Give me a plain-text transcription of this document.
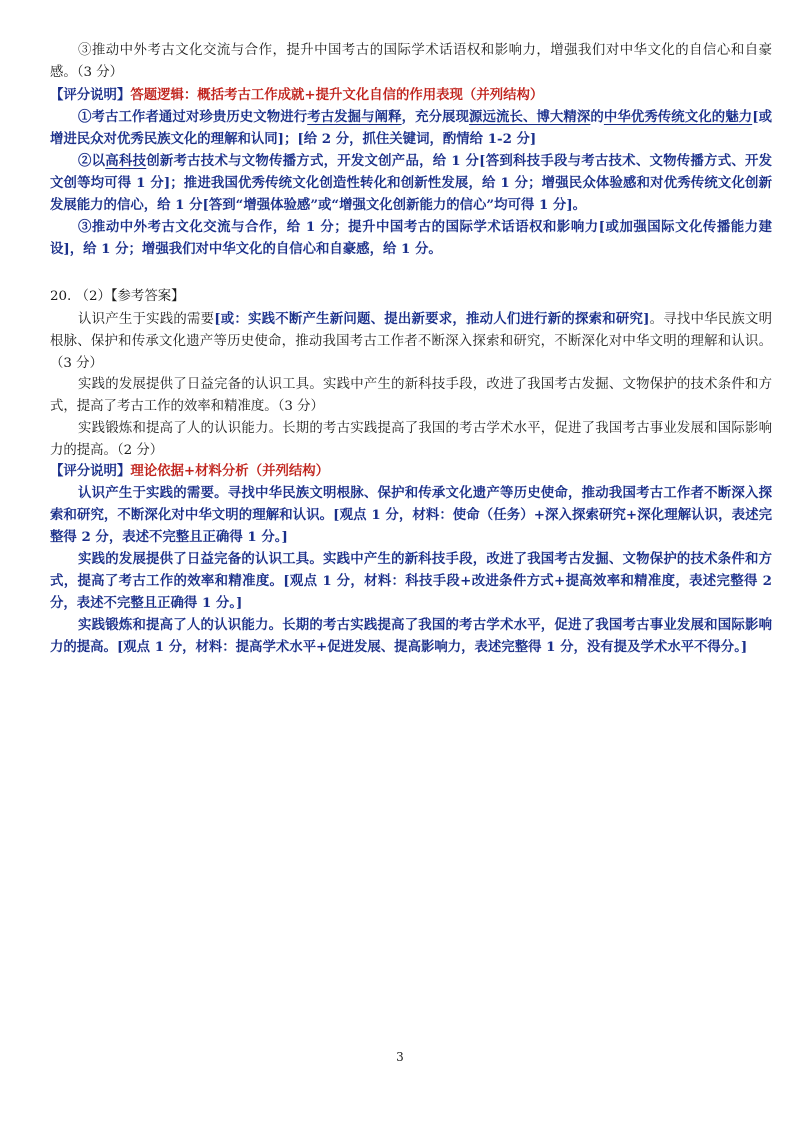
③推动中外考古文化交流与合作，提升中国考古的国际学术话语权和影响力，增强我们对中华文化的自信心和自豪感。（3 分）
【评分说明】答题逻辑：概括考古工作成就+提升文化自信的作用表现（并列结构）
①考古工作者通过对珍贵历史文物进行考古发掘与阐释，充分展现源远流长、博大精深的中华优秀传统文化的魅力[或增进民众对优秀民族文化的理解和认同]；[给 2 分，抓住关键词，酌情给 1-2 分]
②以高科技创新考古技术与文物传播方式，开发文创产品，给 1 分[答到科技手段与考古技术、文物传播方式、开发文创等均可得 1 分]；推进我国优秀传统文化创造性转化和创新性发展，给 1 分；增强民众体验感和对优秀传统文化创新发展能力的信心，给 1 分[答到“增强体验感”或“增强文化创新能力的信心”均可得 1 分]。
③推动中外考古文化交流与合作，给 1 分；提升中国考古的国际学术话语权和影响力[或加强国际文化传播能力建设]，给 1 分；增强我们对中华文化的自信心和自豪感，给 1 分。
20. （2）【参考答案】
认识产生于实践的需要[或：实践不断产生新问题、提出新要求，推动人们进行新的探索和研究]。寻找中华民族文明根脉、保护和传承文化遗产等历史使命，推动我国考古工作者不断深入探索和研究，不断深化对中华文明的理解和认识。（3 分）
实践的发展提供了日益完备的认识工具。实践中产生的新科技手段，改进了我国考古发掘、文物保护的技术条件和方式，提高了考古工作的效率和精准度。（3 分）
实践锻炼和提高了人的认识能力。长期的考古实践提高了我国的考古学术水平，促进了我国考古事业发展和国际影响力的提高。（2 分）
【评分说明】理论依据+材料分析（并列结构）
认识产生于实践的需要。寻找中华民族文明根脉、保护和传承文化遗产等历史使命，推动我国考古工作者不断深入探索和研究，不断深化对中华文明的理解和认识。[观点 1 分，材料：使命（任务）+深入探索研究+深化理解认识，表述完整得 2 分，表述不完整且正确得 1 分。]
实践的发展提供了日益完备的认识工具。实践中产生的新科技手段，改进了我国考古发掘、文物保护的技术条件和方式，提高了考古工作的效率和精准度。[观点 1 分，材料：科技手段+改进条件方式+提高效率和精准度，表述完整得 2 分，表述不完整且正确得 1 分。]
实践锻炼和提高了人的认识能力。长期的考古实践提高了我国的考古学术水平，促进了我国考古事业发展和国际影响力的提高。[观点 1 分，材料：提高学术水平+促进发展、提高影响力，表述完整得 1 分，没有提及学术水平不得分。]
3
